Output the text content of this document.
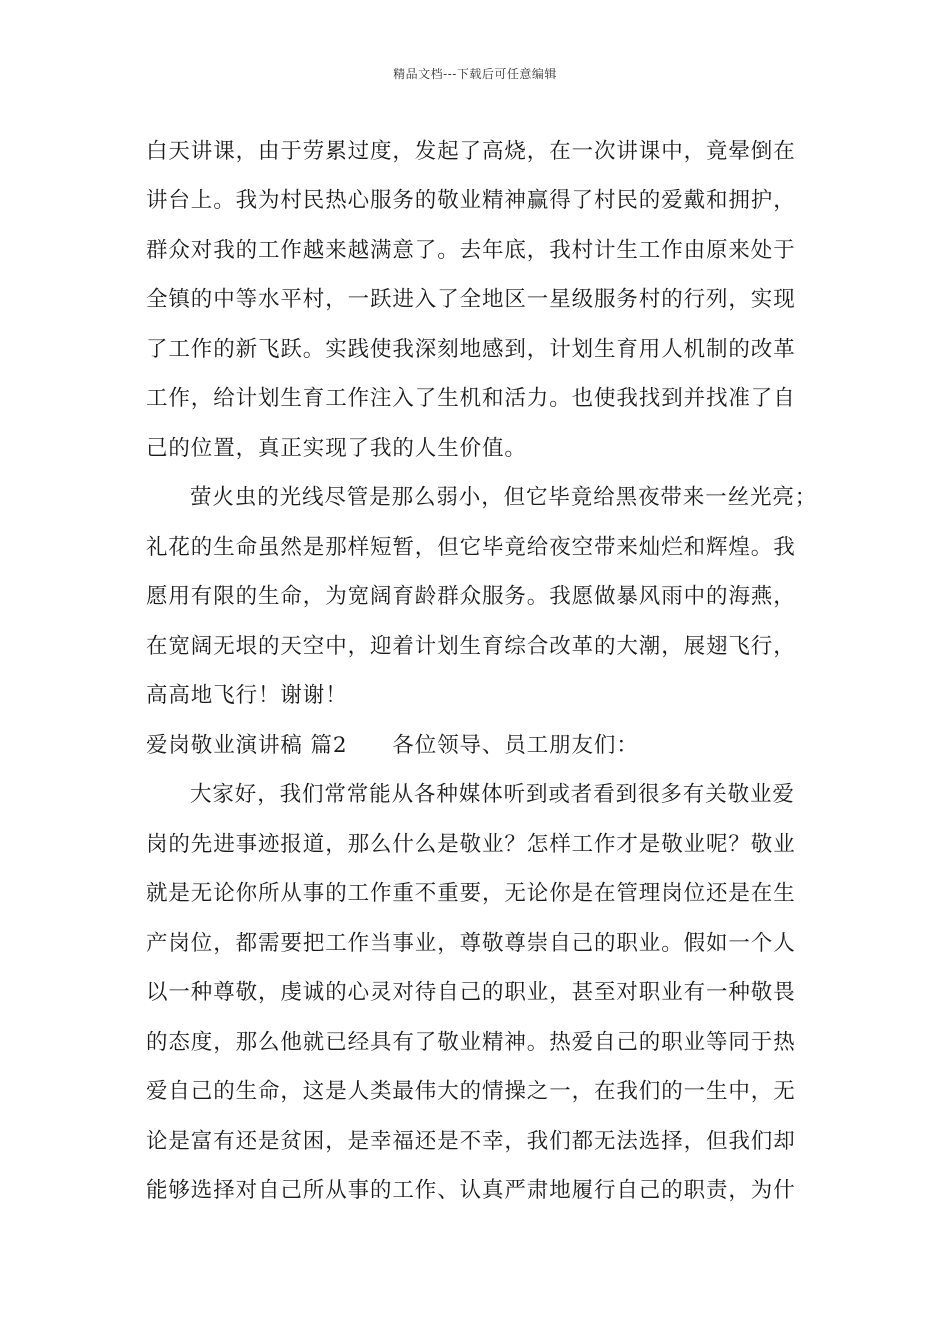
精品文档---下载后可任意编辑
白天讲课，由于劳累过度，发起了高烧，在一次讲课中，竟晕倒在
讲台上。我为村民热心服务的敬业精神赢得了村民的爱戴和拥护，
群众对我的工作越来越满意了。去年底，我村计生工作由原来处于
全镇的中等水平村，一跃进入了全地区一星级服务村的行列，实现
了工作的新飞跃。实践使我深刻地感到，计划生育用人机制的改革
工作，给计划生育工作注入了生机和活力。也使我找到并找准了自
己的位置，真正实现了我的人生价值。
萤火虫的光线尽管是那么弱小，但它毕竟给黑夜带来一丝光亮；
礼花的生命虽然是那样短暂，但它毕竟给夜空带来灿烂和辉煌。我
愿用有限的生命，为宽阔育龄群众服务。我愿做暴风雨中的海燕，
在宽阔无垠的天空中，迎着计划生育综合改革的大潮，展翅飞行，
高高地飞行！谢谢！
爱岗敬业演讲稿 篇2　　各位领导、员工朋友们：
大家好，我们常常能从各种媒体听到或者看到很多有关敬业爱
岗的先进事迹报道，那么什么是敬业？怎样工作才是敬业呢？敬业
就是无论你所从事的工作重不重要，无论你是在管理岗位还是在生
产岗位，都需要把工作当事业，尊敬尊崇自己的职业。假如一个人
以一种尊敬，虔诚的心灵对待自己的职业，甚至对职业有一种敬畏
的态度，那么他就已经具有了敬业精神。热爱自己的职业等同于热
爱自己的生命，这是人类最伟大的情操之一，在我们的一生中，无
论是富有还是贫困，是幸福还是不幸，我们都无法选择，但我们却
能够选择对自己所从事的工作、认真严肃地履行自己的职责，为什
